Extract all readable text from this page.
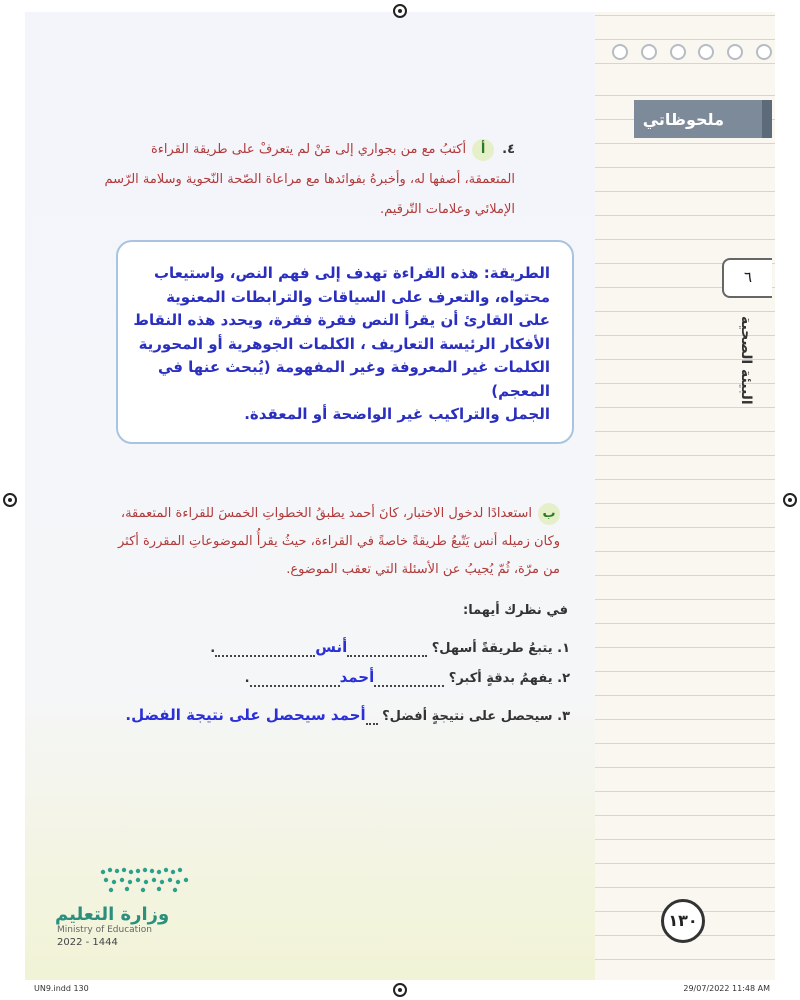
ملحوظاتي
٦
البيئة الصحية
٤.أأكتبُ مع من بجواري إلى مَنْ لم يتعرفْ على طريقة القراءة المتعمقة، أصفها له، وأخبرهُ بفوائدها مع مراعاة الصّحة النّحوية وسلامة الرّسم الإملائي وعلامات التّرقيم.
الطريقة: هذه القراءة تهدف إلى فهم النص، واستيعاب
محتواه، والتعرف على السياقات والترابطات المعنوية
على القارئ أن يقرأ النص فقرة فقرة، ويحدد هذه النقاط
الأفكار الرئيسة التعاريف ، الكلمات الجوهرية أو المحورية
الكلمات غير المعروفة وغير المفهومة (يُبحث عنها في المعجم)
الجمل والتراكيب غير الواضحة أو المعقدة.
باستعدادًا لدخول الاختبار، كانَ أحمد يطبقُ الخطواتِ الخمسَ للقراءة المتعمقة، وكان زميله أنس يَتّبعُ طريقةً خاصةً في القراءة، حيثُ يقرأُ الموضوعاتِ المقررة أكثر من مرّة، ثُمّ يُجيبُ عن الأسئلة التي تعقب الموضوع.
في نظرك أيهما:
١. يتبعُ طريقةً أسهل؟ أنس.
٢. يفهمُ بدقةٍ أكبر؟ أحمد.
٣. سيحصل على نتيجةٍ أفضل؟ أحمد سيحصل على نتيجة الفضل.
وزارة التعليم
Ministry of Education
2022 - 1444
١٣٠
UN9.indd 130	29/07/2022 11:48 AM
